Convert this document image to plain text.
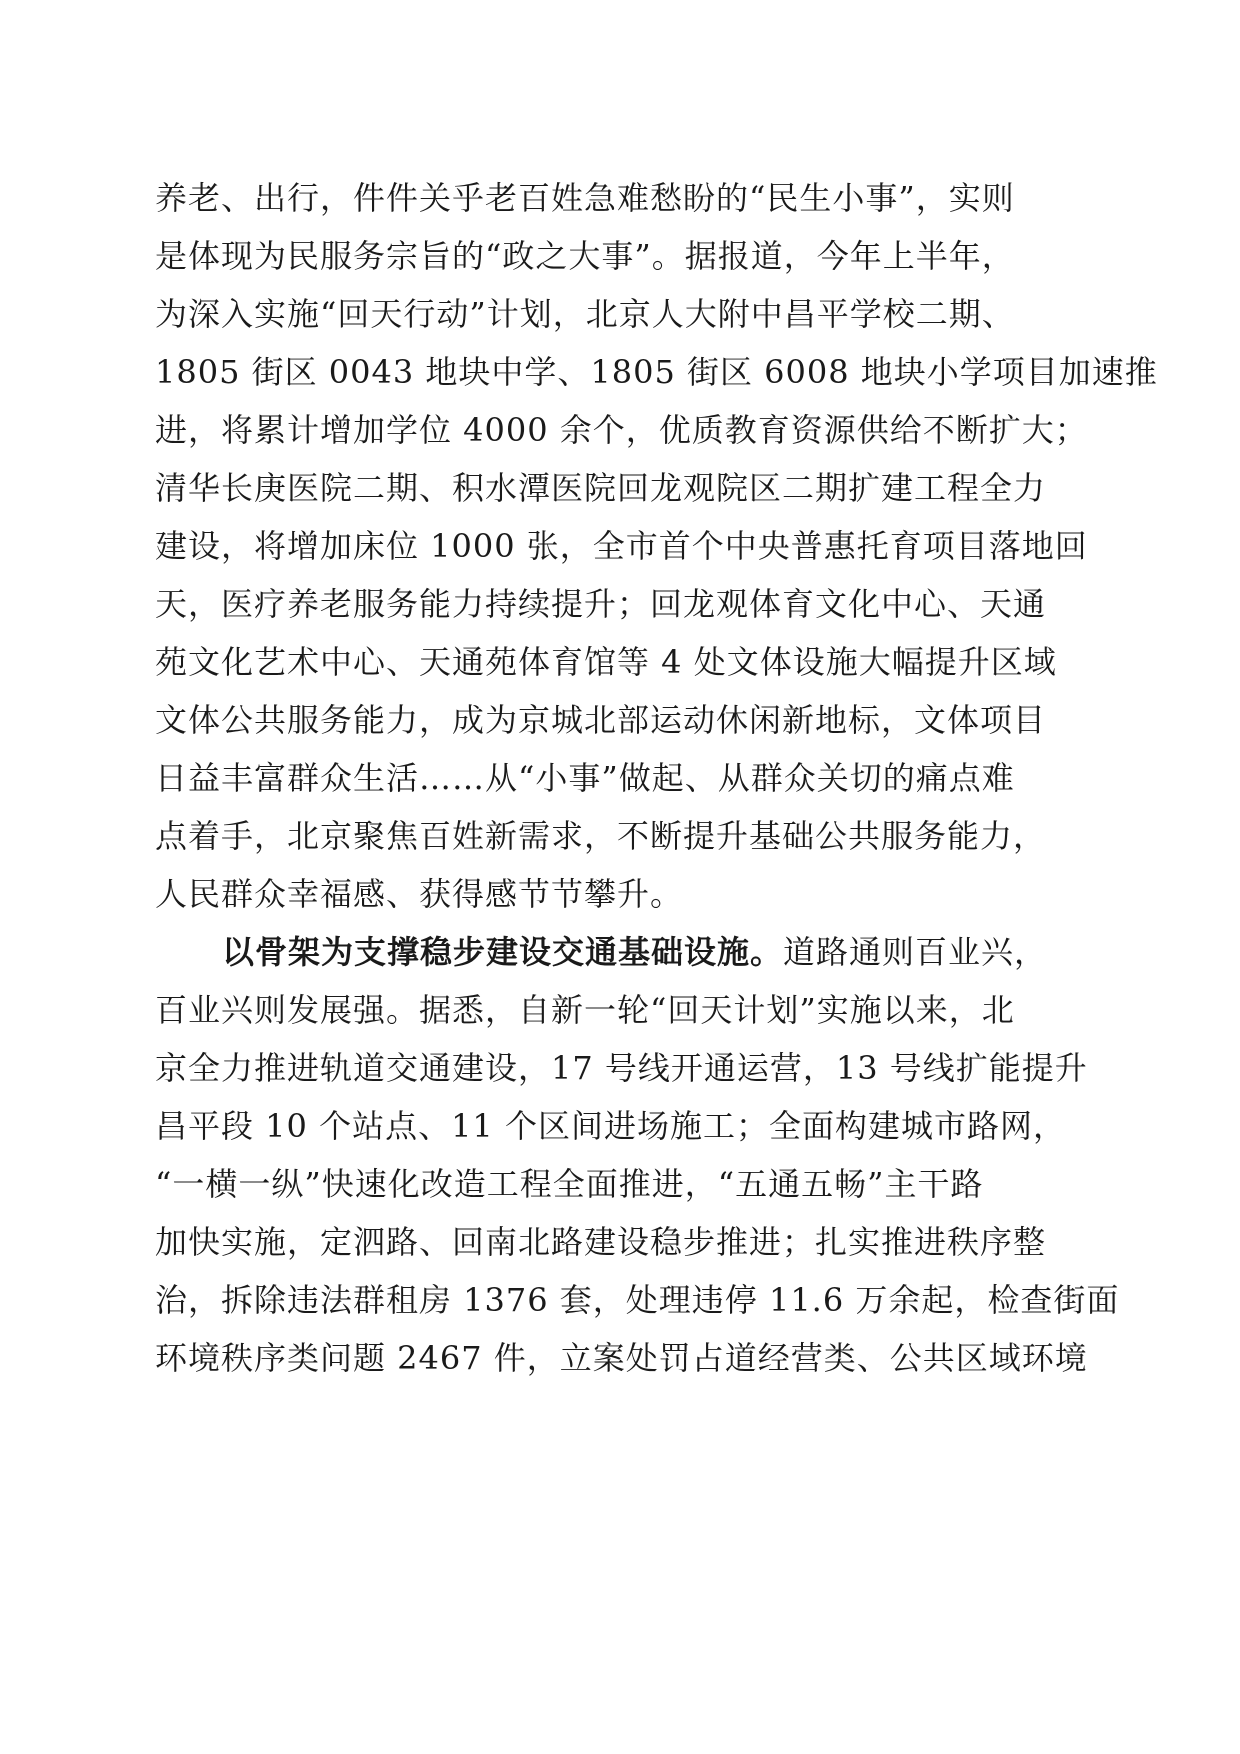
养老、出行，件件关乎老百姓急难愁盼的“民生小事”，实则
是体现为民服务宗旨的“政之大事”。据报道，今年上半年，
为深入实施“回天行动”计划，北京人大附中昌平学校二期、
1805 街区 0043 地块中学、1805 街区 6008 地块小学项目加速推
进，将累计增加学位 4000 余个，优质教育资源供给不断扩大；
清华长庚医院二期、积水潭医院回龙观院区二期扩建工程全力
建设，将增加床位 1000 张，全市首个中央普惠托育项目落地回
天，医疗养老服务能力持续提升；回龙观体育文化中心、天通
苑文化艺术中心、天通苑体育馆等 4 处文体设施大幅提升区域
文体公共服务能力，成为京城北部运动休闲新地标，文体项目
日益丰富群众生活……从“小事”做起、从群众关切的痛点难
点着手，北京聚焦百姓新需求，不断提升基础公共服务能力，
人民群众幸福感、获得感节节攀升。
以骨架为支撑稳步建设交通基础设施。道路通则百业兴，
百业兴则发展强。据悉，自新一轮“回天计划”实施以来，北
京全力推进轨道交通建设，17 号线开通运营，13 号线扩能提升
昌平段 10 个站点、11 个区间进场施工；全面构建城市路网，
“一横一纵”快速化改造工程全面推进，“五通五畅”主干路
加快实施，定泗路、回南北路建设稳步推进；扎实推进秩序整
治，拆除违法群租房 1376 套，处理违停 11.6 万余起，检查街面
环境秩序类问题 2467 件，立案处罚占道经营类、公共区域环境
